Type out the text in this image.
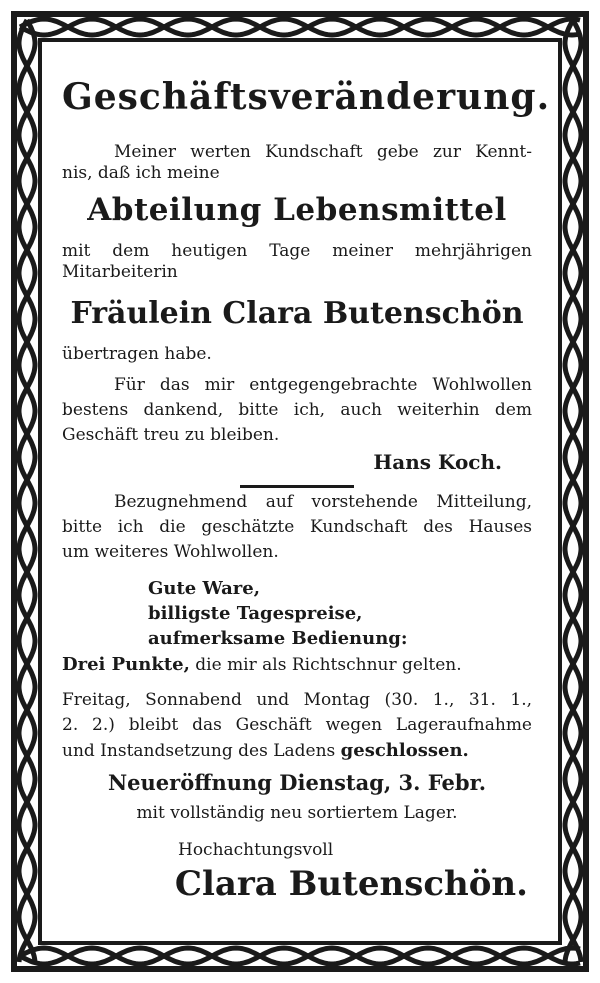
Geschäftsveränderung.
Meiner werten Kundschaft gebe zur Kennt-
nis, daß ich meine
Abteilung Lebensmittel
mit dem heutigen Tage meiner mehrjährigen
Mitarbeiterin
Fräulein Clara Butenschön
übertragen habe.
Für das mir entgegengebrachte Wohlwollen
bestens dankend, bitte ich, auch weiterhin dem
Geschäft treu zu bleiben.
Hans Koch.
Bezugnehmend auf vorstehende Mitteilung,
bitte ich die geschätzte Kundschaft des Hauses
um weiteres Wohlwollen.
Gute Ware,
billigste Tagespreise,
aufmerksame Bedienung:
Drei Punkte, die mir als Richtschnur gelten.
Freitag, Sonnabend und Montag (30. 1., 31. 1.,
2. 2.) bleibt das Geschäft wegen Lageraufnahme
und Instandsetzung des Ladens geschlossen.
Neueröffnung Dienstag, 3. Febr.
mit vollständig neu sortiertem Lager.
Hochachtungsvoll
Clara Butenschön.
